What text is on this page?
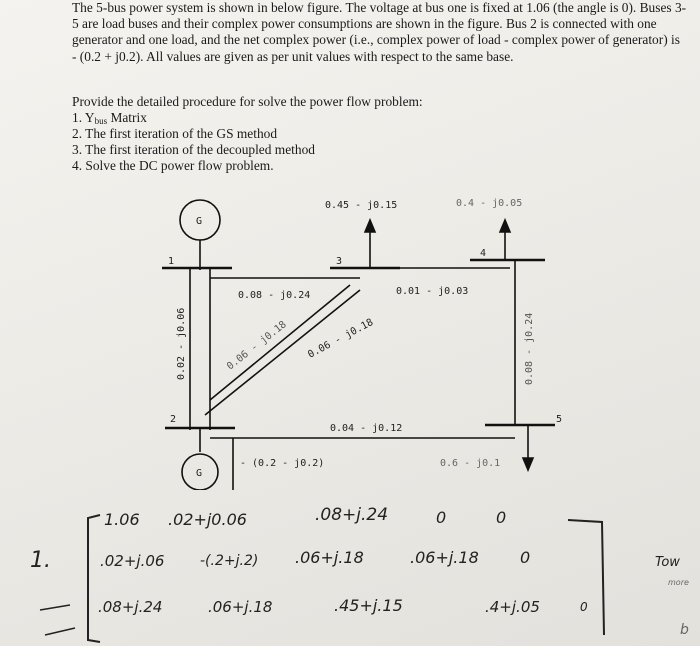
The 5-bus power system is shown in below figure. The voltage at bus one is fixed at 1.06 (the angle is 0). Buses 3-5 are load buses and their complex power consumptions are shown in the figure. Bus 2 is connected with one generator and one load, and the net complex power (i.e., complex power of load - complex power of generator) is - (0.2 + j0.2). All values are given as per unit values with respect to the same base.
Provide the detailed procedure for solve the power flow problem:
1. $Y_{bus}$ Matrix
2. The first iteration of the GS method
3. The first iteration of the decoupled method
4. Solve the DC power flow problem.
G
G
1
2
3
4
5
0.45 - j0.15	0.4 - j0.05
0.6 - j0.1
- (0.2 - j0.2)
0.08 - j0.24	0.01 - j0.03
0.04 - j0.12
0.02 - j0.06	0.08 - j0.24
0.06 - j0.18 0.06 - j0.18
1.06 .02+j0.06	.08+j.24	0	0
1.	.02+j.06	-(.2+j.2) .06+j.18	.06+j.18	0
.08+j.24	.06+j.18	.45+j.15	.4+j.05	0
Tow
more
b
